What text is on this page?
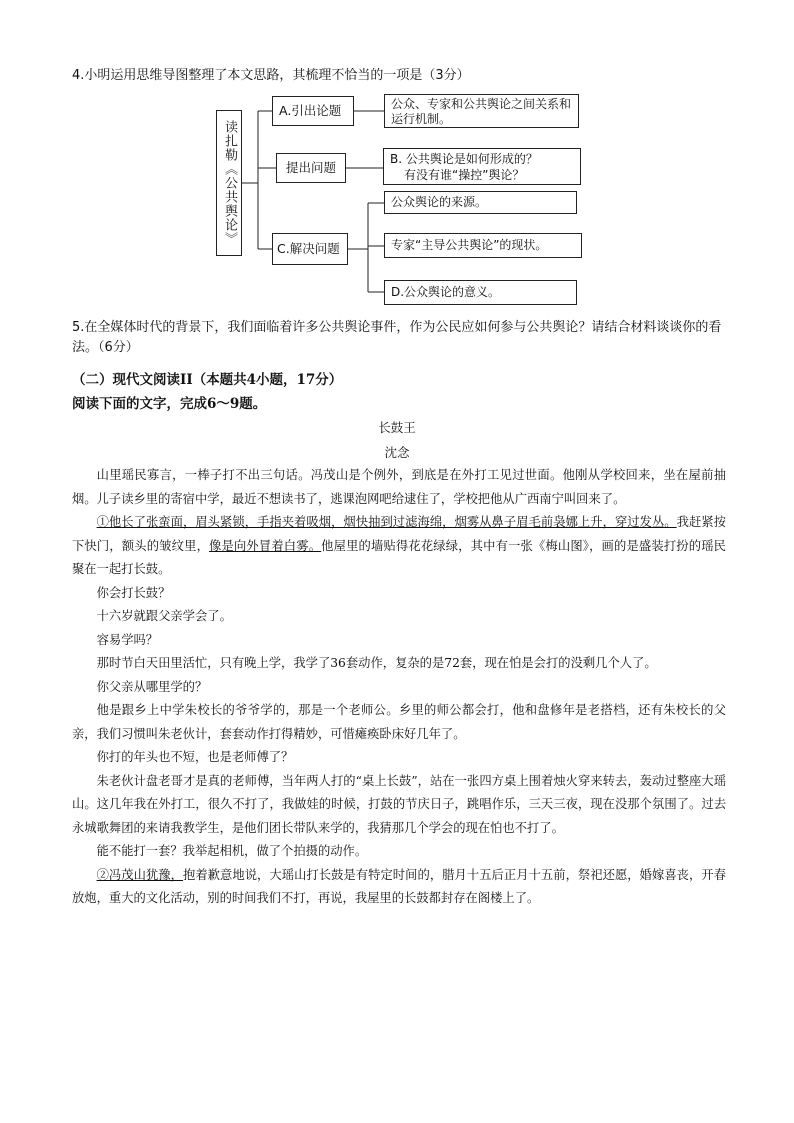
4.小明运用思维导图整理了本文思路，其梳理不恰当的一项是（3分）
读扎勒《公共舆论》
A.引出论题
提出问题
C.解决问题
公众、专家和公共舆论之间关系和运行机制。
B. 公共舆论是如何形成的？
有没有谁“操控”舆论？
公众舆论的来源。
专家“主导公共舆论”的现状。
D.公众舆论的意义。
5.在全媒体时代的背景下，我们面临着许多公共舆论事件，作为公民应如何参与公共舆论？请结合材料谈谈你的看法。（6分）
（二）现代文阅读II（本题共4小题，17分）
阅读下面的文字，完成6～9题。
长鼓王
沈念

山里瑶民寡言，一棒子打不出三句话。冯茂山是个例外，到底是在外打工见过世面。他刚从学校回来，坐在屋前抽烟。儿子读乡里的寄宿中学，最近不想读书了，逃课泡网吧给逮住了，学校把他从广西南宁叫回来了。

①他长了张蛮面，眉头紧锁，手指夹着吸烟，烟快抽到过滤海绵，烟雾从鼻子眉毛前袅娜上升，穿过发丛。我赶紧按下快门，额头的皱纹里，像是向外冒着白雾。他屋里的墙贴得花花绿绿，其中有一张《梅山图》，画的是盛装打扮的瑶民聚在一起打长鼓。

你会打长鼓？

十六岁就跟父亲学会了。

容易学吗？

那时节白天田里活忙，只有晚上学，我学了36套动作，复杂的是72套，现在怕是会打的没剩几个人了。

你父亲从哪里学的？

他是跟乡上中学朱校长的爷爷学的，那是一个老师公。乡里的师公都会打，他和盘修年是老搭档，还有朱校长的父亲，我们习惯叫朱老伙计，套套动作打得精妙，可惜瘫痪卧床好几年了。

你打的年头也不短，也是老师傅了？

朱老伙计盘老哥才是真的老师傅，当年两人打的“桌上长鼓”，站在一张四方桌上围着烛火穿来转去，轰动过整座大瑶山。这几年我在外打工，很久不打了，我做娃的时候，打鼓的节庆日子，跳唱作乐，三天三夜，现在没那个氛围了。过去永城歌舞团的来请我教学生，是他们团长带队来学的，我猜那几个学会的现在怕也不打了。

能不能打一套？我举起相机，做了个拍摄的动作。

②冯茂山犹豫，抱着歉意地说，大瑶山打长鼓是有特定时间的，腊月十五后正月十五前，祭祀还愿，婚嫁喜丧，开春放炮，重大的文化活动，别的时间我们不打，再说，我屋里的长鼓都封存在阁楼上了。
